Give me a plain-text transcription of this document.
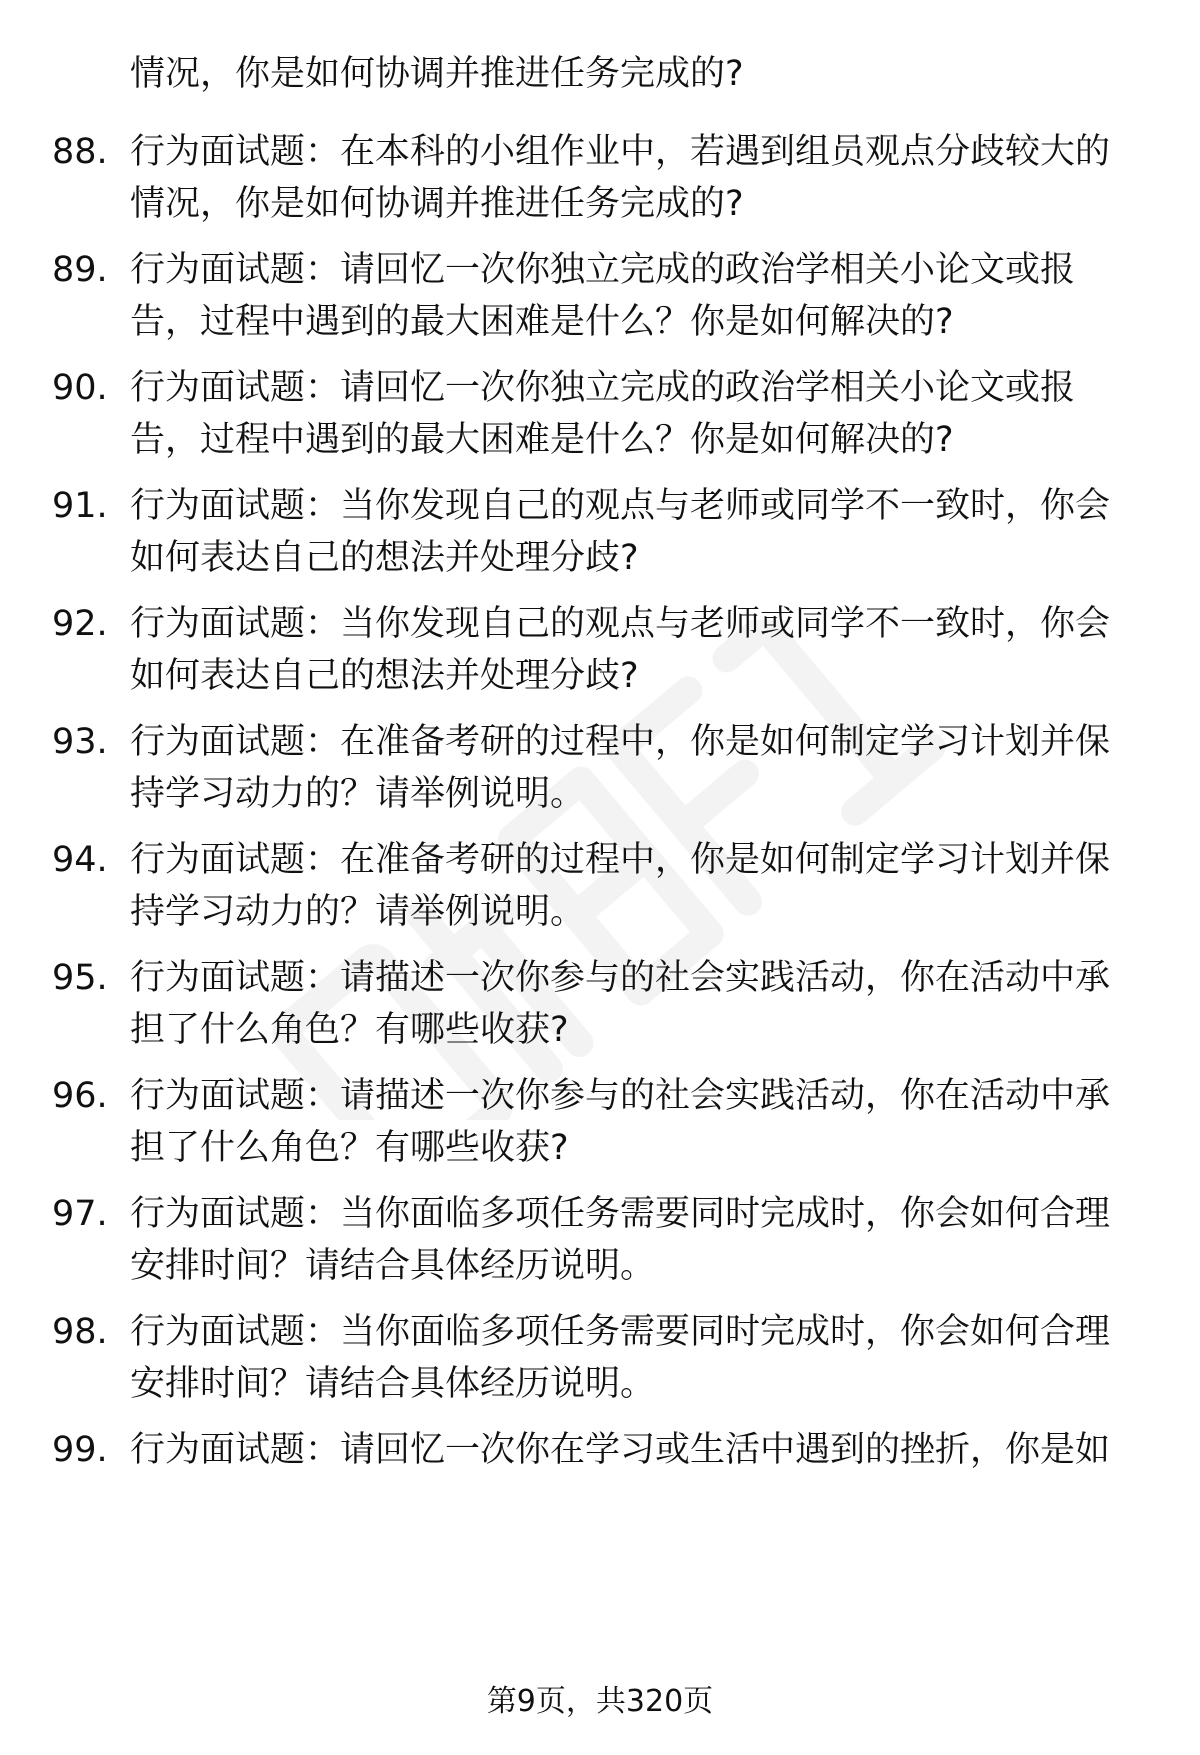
情况，你是如何协调并推进任务完成的?
88. 行为面试题：在本科的小组作业中，若遇到组员观点分歧较大的
情况，你是如何协调并推进任务完成的?
89. 行为面试题：请回忆一次你独立完成的政治学相关小论文或报
告，过程中遇到的最大困难是什么？你是如何解决的?
90. 行为面试题：请回忆一次你独立完成的政治学相关小论文或报
告，过程中遇到的最大困难是什么？你是如何解决的?
91. 行为面试题：当你发现自己的观点与老师或同学不一致时，你会
如何表达自己的想法并处理分歧?
92. 行为面试题：当你发现自己的观点与老师或同学不一致时，你会
如何表达自己的想法并处理分歧?
93. 行为面试题：在准备考研的过程中，你是如何制定学习计划并保
持学习动力的？请举例说明。
94. 行为面试题：在准备考研的过程中，你是如何制定学习计划并保
持学习动力的？请举例说明。
95. 行为面试题：请描述一次你参与的社会实践活动，你在活动中承
担了什么角色？有哪些收获?
96. 行为面试题：请描述一次你参与的社会实践活动，你在活动中承
担了什么角色？有哪些收获?
97. 行为面试题：当你面临多项任务需要同时完成时，你会如何合理
安排时间？请结合具体经历说明。
98. 行为面试题：当你面临多项任务需要同时完成时，你会如何合理
安排时间？请结合具体经历说明。
99. 行为面试题：请回忆一次你在学习或生活中遇到的挫折，你是如
第9页，共320页
